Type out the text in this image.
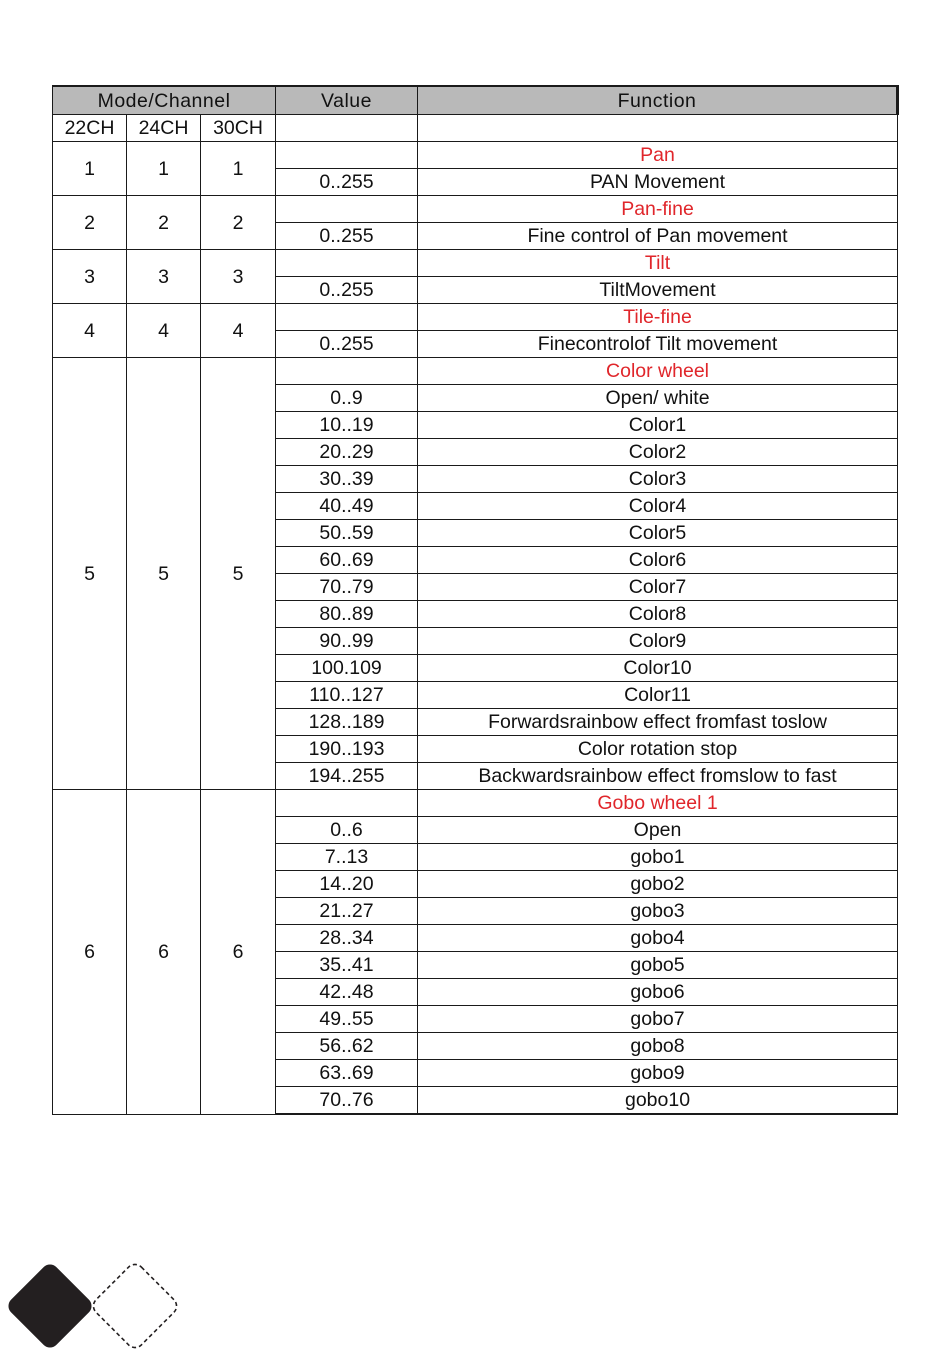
Mode/Channel			Value	Function
22CH	24CH	30CH		
1	1	1		Pan
			0..255	PAN Movement
2	2	2		Pan-fine
			0..255	Fine control of Pan movement
3	3	3		Tilt
			0..255	TiltMovement
4	4	4		Tile-fine
			0..255	Finecontrolof Tilt movement
5	5	5		Color wheel
			0..9	Open/ white
			10..19	Color1
			20..29	Color2
			30..39	Color3
			40..49	Color4
			50..59	Color5
			60..69	Color6
			70..79	Color7
			80..89	Color8
			90..99	Color9
			100.109	Color10
			110..127	Color11
			128..189	Forwardsrainbow effect fromfast toslow
			190..193	Color rotation stop
			194..255	Backwardsrainbow effect fromslow to fast
6	6	6		Gobo wheel 1
			0..6	Open
			7..13	gobo1
			14..20	gobo2
			21..27	gobo3
			28..34	gobo4
			35..41	gobo5
			42..48	gobo6
			49..55	gobo7
			56..62	gobo8
			63..69	gobo9
			70..76	gobo10
